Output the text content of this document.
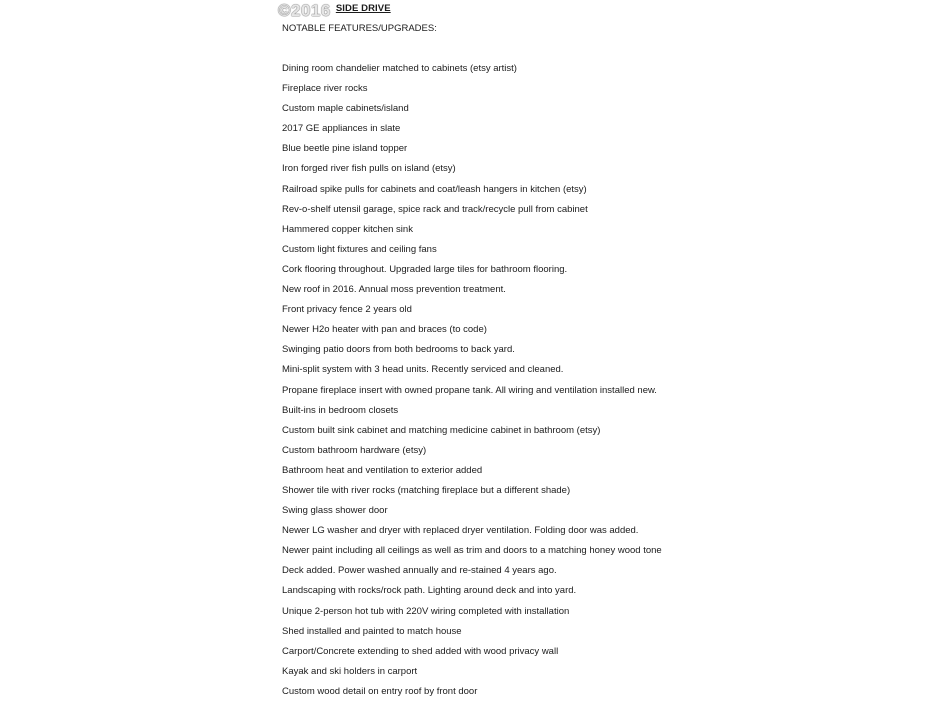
SIDE DRIVE
©2016
NOTABLE FEATURES/UPGRADES:
Dining room chandelier matched to cabinets (etsy artist)
Fireplace river rocks
Custom maple cabinets/island
2017 GE appliances in slate
Blue beetle pine island topper
Iron forged river fish pulls on island (etsy)
Railroad spike pulls for cabinets and coat/leash hangers in kitchen (etsy)
Rev-o-shelf utensil garage, spice rack and track/recycle pull from cabinet
Hammered copper kitchen sink
Custom light fixtures and ceiling fans
Cork flooring throughout. Upgraded large tiles for bathroom flooring.
New roof in 2016. Annual moss prevention treatment.
Front privacy fence 2 years old
Newer H2o heater with pan and braces (to code)
Swinging patio doors from both bedrooms to back yard.
Mini-split system with 3 head units. Recently serviced and cleaned.
Propane fireplace insert with owned propane tank. All wiring and ventilation installed new.
Built-ins in bedroom closets
Custom built sink cabinet and matching medicine cabinet in bathroom (etsy)
Custom bathroom hardware (etsy)
Bathroom heat and ventilation to exterior added
Shower tile with river rocks (matching fireplace but a different shade)
Swing glass shower door
Newer LG washer and dryer with replaced dryer ventilation. Folding door was added.
Newer paint including all ceilings as well as trim and doors to a matching honey wood tone
Deck added. Power washed annually and re-stained 4 years ago.
Landscaping with rocks/rock path. Lighting around deck and into yard.
Unique 2-person hot tub with 220V wiring completed with installation
Shed installed and painted to match house
Carport/Concrete extending to shed added with wood privacy wall
Kayak and ski holders in carport
Custom wood detail on entry roof by front door
